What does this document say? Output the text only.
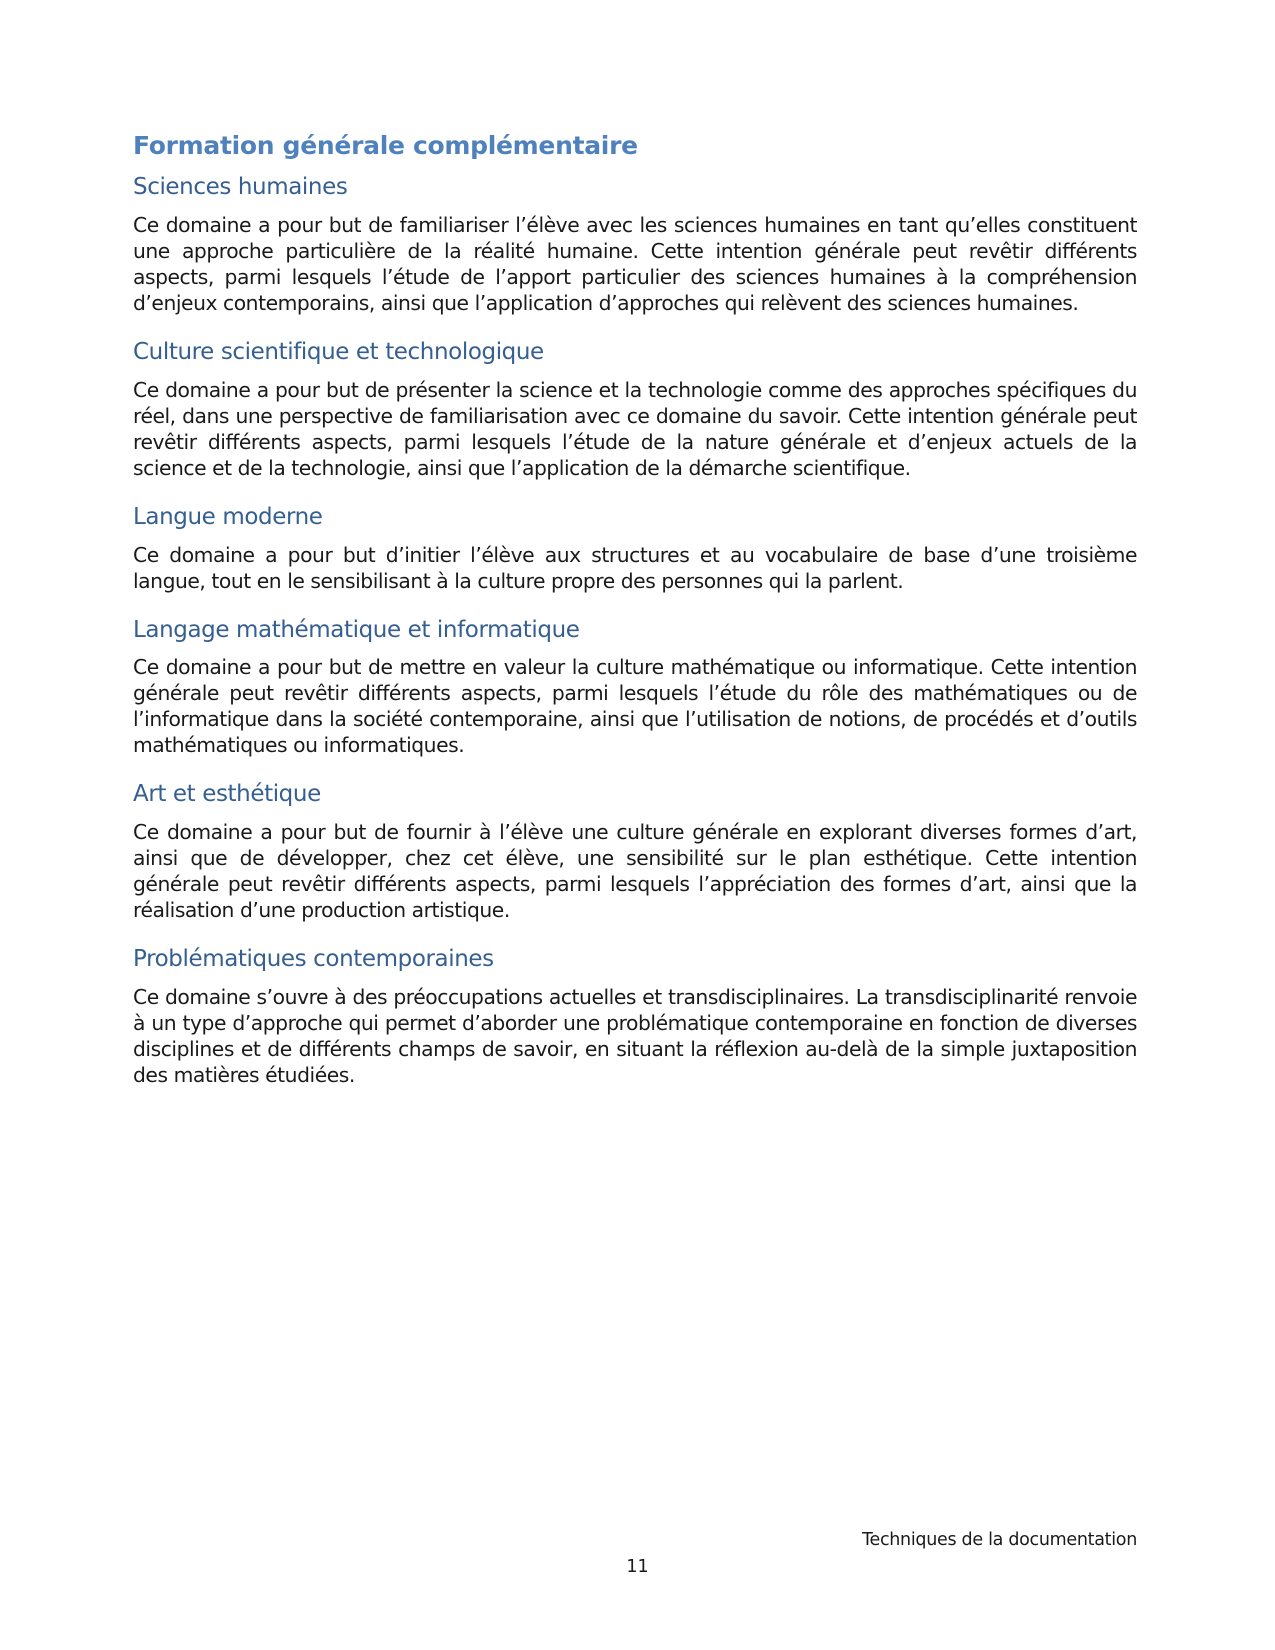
Formation générale complémentaire
Sciences humaines

Ce domaine a pour but de familiariser l’élève avec les sciences humaines en tant qu’elles constituent une approche particulière de la réalité humaine. Cette intention générale peut revêtir différents aspects, parmi lesquels l’étude de l’apport particulier des sciences humaines à la compréhension d’enjeux contemporains, ainsi que l’application d’approches qui relèvent des sciences humaines.

Culture scientifique et technologique

Ce domaine a pour but de présenter la science et la technologie comme des approches spécifiques du réel, dans une perspective de familiarisation avec ce domaine du savoir. Cette intention générale peut revêtir différents aspects, parmi lesquels l’étude de la nature générale et d’enjeux actuels de la science et de la technologie, ainsi que l’application de la démarche scientifique.

Langue moderne

Ce domaine a pour but d’initier l’élève aux structures et au vocabulaire de base d’une troisième langue, tout en le sensibilisant à la culture propre des personnes qui la parlent.

Langage mathématique et informatique

Ce domaine a pour but de mettre en valeur la culture mathématique ou informatique. Cette intention générale peut revêtir différents aspects, parmi lesquels l’étude du rôle des mathématiques ou de l’informatique dans la société contemporaine, ainsi que l’utilisation de notions, de procédés et d’outils mathématiques ou informatiques.

Art et esthétique

Ce domaine a pour but de fournir à l’élève une culture générale en explorant diverses formes d’art, ainsi que de développer, chez cet élève, une sensibilité sur le plan esthétique. Cette intention générale peut revêtir différents aspects, parmi lesquels l’appréciation des formes d’art, ainsi que la réalisation d’une production artistique.

Problématiques contemporaines

Ce domaine s’ouvre à des préoccupations actuelles et transdisciplinaires. La transdisciplinarité renvoie à un type d’approche qui permet d’aborder une problématique contemporaine en fonction de diverses disciplines et de différents champs de savoir, en situant la réflexion au-delà de la simple juxtaposition des matières étudiées.

Techniques de la documentation
11
